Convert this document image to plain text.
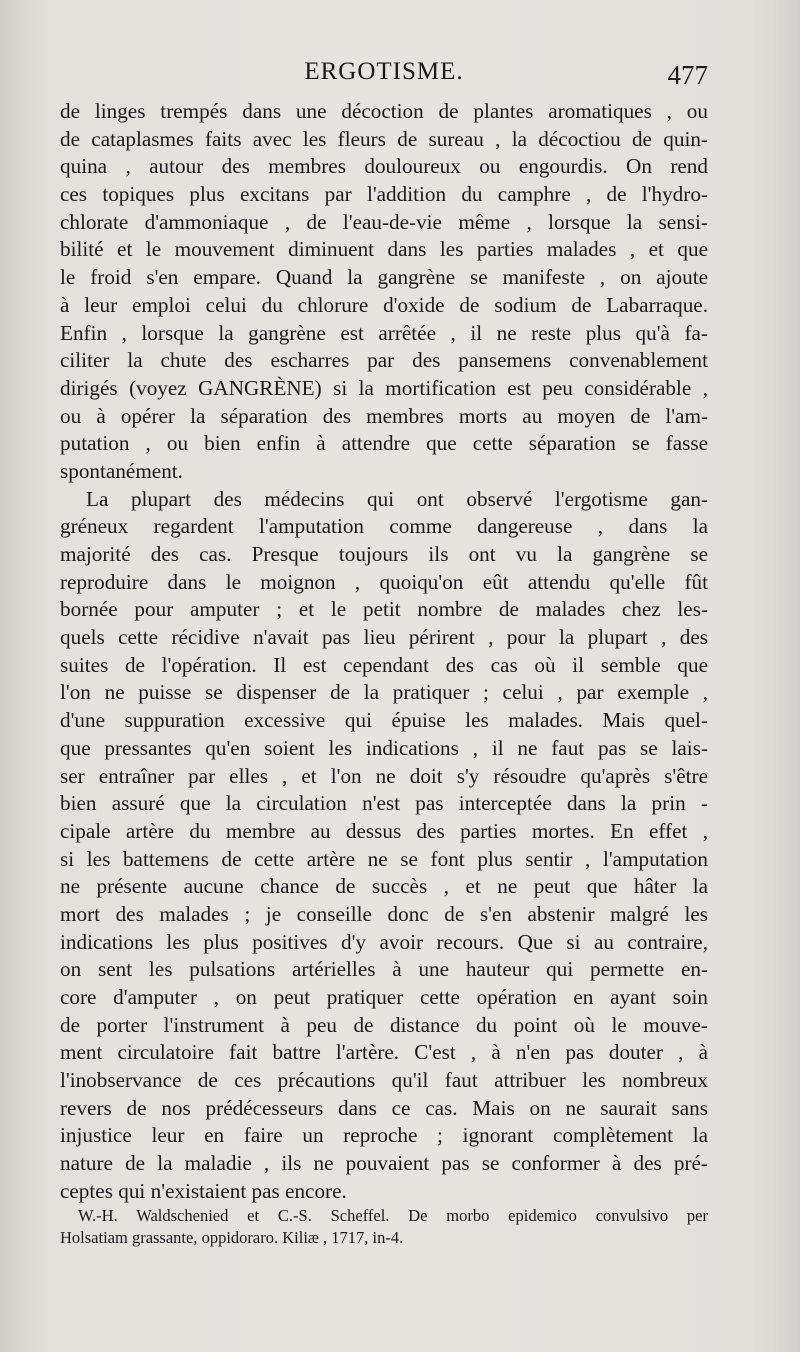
ERGOTISME.	477
de linges trempés dans une décoction de plantes aromatiques , ou
de cataplasmes faits avec les fleurs de sureau , la décoctiou de quin-
quina , autour des membres douloureux ou engourdis. On rend
ces topiques plus excitans par l'addition du camphre , de l'hydro-
chlorate d'ammoniaque , de l'eau-de-vie même , lorsque la sensi-
bilité et le mouvement diminuent dans les parties malades , et que
le froid s'en empare. Quand la gangrène se manifeste , on ajoute
à leur emploi celui du chlorure d'oxide de sodium de Labarraque.
Enfin , lorsque la gangrène est arrêtée , il ne reste plus qu'à fa-
ciliter la chute des escharres par des pansemens convenablement
dirigés (voyez GANGRÈNE) si la mortification est peu considérable ,
ou à opérer la séparation des membres morts au moyen de l'am-
putation , ou bien enfin à attendre que cette séparation se fasse
spontanément.
La plupart des médecins qui ont observé l'ergotisme gan-
gréneux regardent l'amputation comme dangereuse , dans la
majorité des cas. Presque toujours ils ont vu la gangrène se
reproduire dans le moignon , quoiqu'on eût attendu qu'elle fût
bornée pour amputer ; et le petit nombre de malades chez les-
quels cette récidive n'avait pas lieu périrent , pour la plupart , des
suites de l'opération. Il est cependant des cas où il semble que
l'on ne puisse se dispenser de la pratiquer ; celui , par exemple ,
d'une suppuration excessive qui épuise les malades. Mais quel-
que pressantes qu'en soient les indications , il ne faut pas se lais-
ser entraîner par elles , et l'on ne doit s'y résoudre qu'après s'être
bien assuré que la circulation n'est pas interceptée dans la prin -
cipale artère du membre au dessus des parties mortes. En effet ,
si les battemens de cette artère ne se font plus sentir , l'amputation
ne présente aucune chance de succès , et ne peut que hâter la
mort des malades ; je conseille donc de s'en abstenir malgré les
indications les plus positives d'y avoir recours. Que si au contraire,
on sent les pulsations artérielles à une hauteur qui permette en-
core d'amputer , on peut pratiquer cette opération en ayant soin
de porter l'instrument à peu de distance du point où le mouve-
ment circulatoire fait battre l'artère. C'est , à n'en pas douter , à
l'inobservance de ces précautions qu'il faut attribuer les nombreux
revers de nos prédécesseurs dans ce cas. Mais on ne saurait sans
injustice leur en faire un reproche ; ignorant complètement la
nature de la maladie , ils ne pouvaient pas se conformer à des pré-
ceptes qui n'existaient pas encore.
W.-H. Waldschenied et C.-S. Scheffel. De morbo epidemico convulsivo per
Holsatiam grassante, oppidoraro. Kiliæ , 1717, in-4.
